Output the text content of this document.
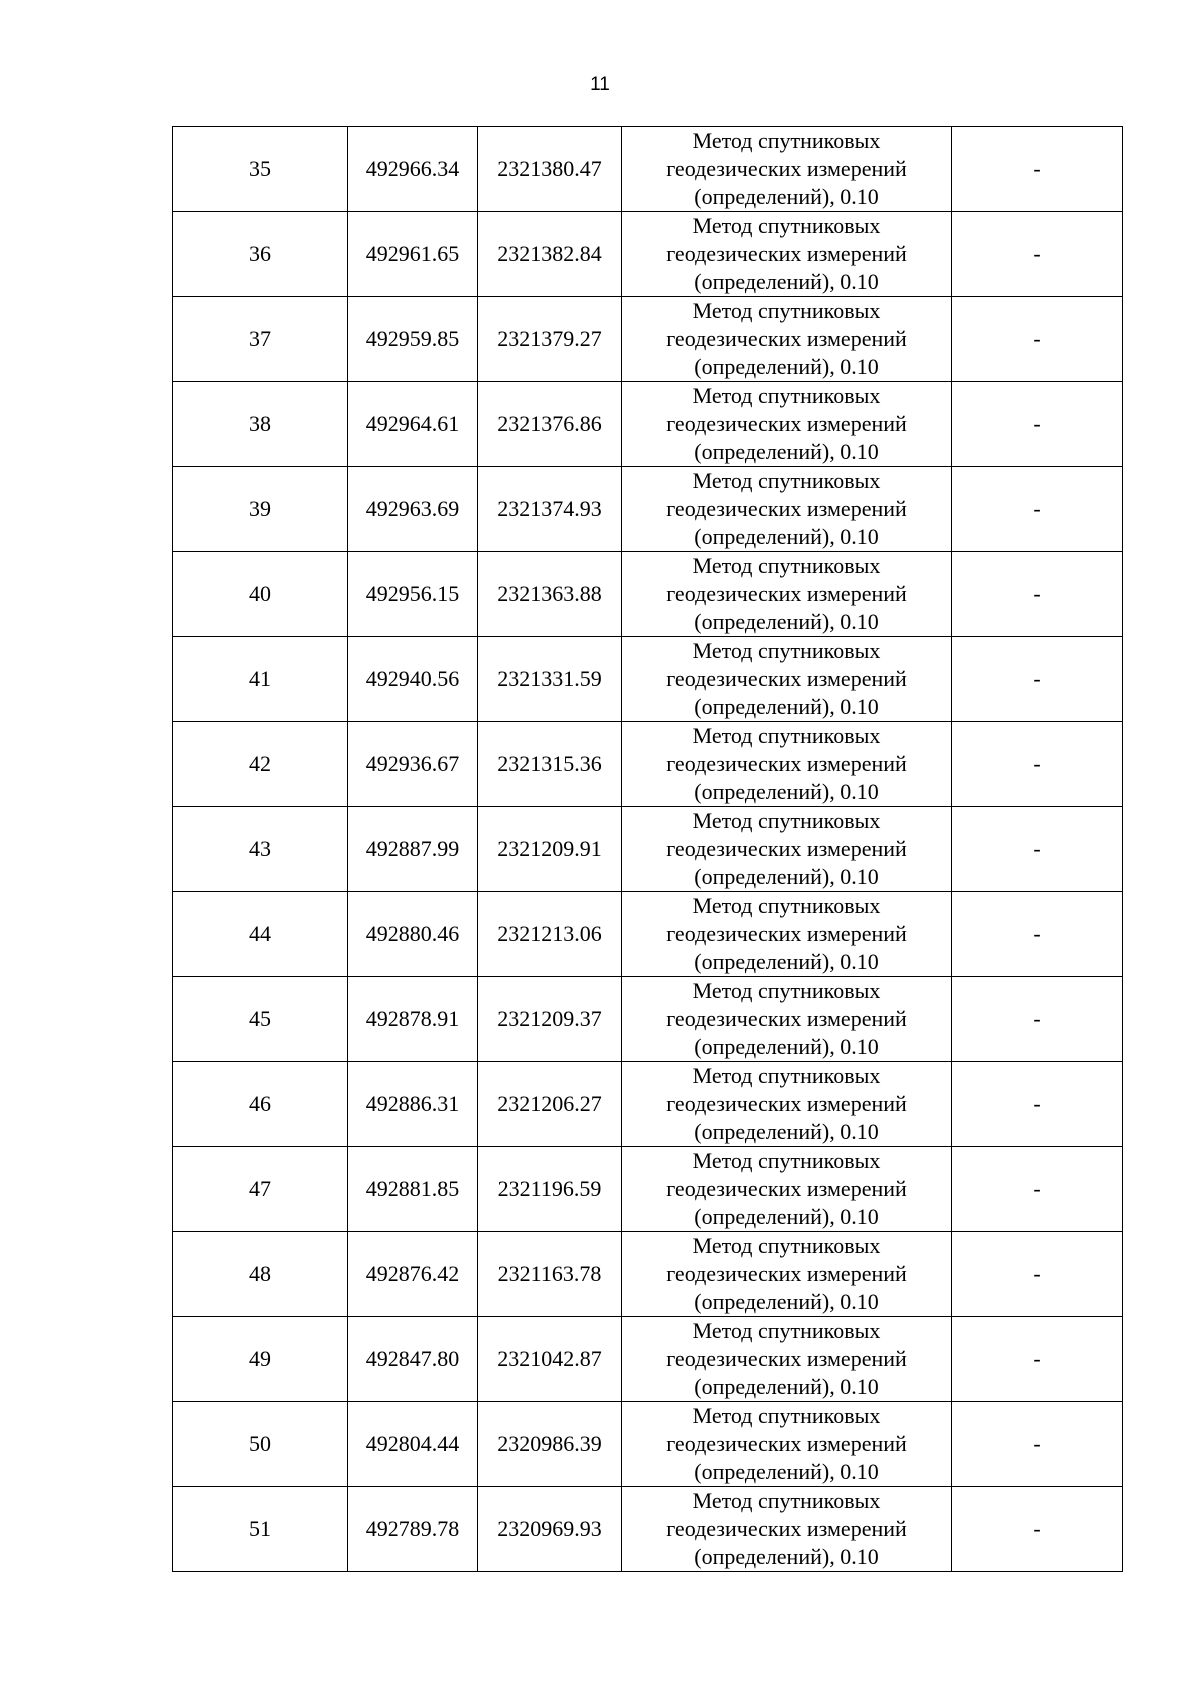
11
35	492966.34	2321380.47	Метод спутниковых
геодезических измерений
(определений), 0.10	-
36	492961.65	2321382.84	Метод спутниковых
геодезических измерений
(определений), 0.10	-
37	492959.85	2321379.27	Метод спутниковых
геодезических измерений
(определений), 0.10	-
38	492964.61	2321376.86	Метод спутниковых
геодезических измерений
(определений), 0.10	-
39	492963.69	2321374.93	Метод спутниковых
геодезических измерений
(определений), 0.10	-
40	492956.15	2321363.88	Метод спутниковых
геодезических измерений
(определений), 0.10	-
41	492940.56	2321331.59	Метод спутниковых
геодезических измерений
(определений), 0.10	-
42	492936.67	2321315.36	Метод спутниковых
геодезических измерений
(определений), 0.10	-
43	492887.99	2321209.91	Метод спутниковых
геодезических измерений
(определений), 0.10	-
44	492880.46	2321213.06	Метод спутниковых
геодезических измерений
(определений), 0.10	-
45	492878.91	2321209.37	Метод спутниковых
геодезических измерений
(определений), 0.10	-
46	492886.31	2321206.27	Метод спутниковых
геодезических измерений
(определений), 0.10	-
47	492881.85	2321196.59	Метод спутниковых
геодезических измерений
(определений), 0.10	-
48	492876.42	2321163.78	Метод спутниковых
геодезических измерений
(определений), 0.10	-
49	492847.80	2321042.87	Метод спутниковых
геодезических измерений
(определений), 0.10	-
50	492804.44	2320986.39	Метод спутниковых
геодезических измерений
(определений), 0.10	-
51	492789.78	2320969.93	Метод спутниковых
геодезических измерений
(определений), 0.10	-
